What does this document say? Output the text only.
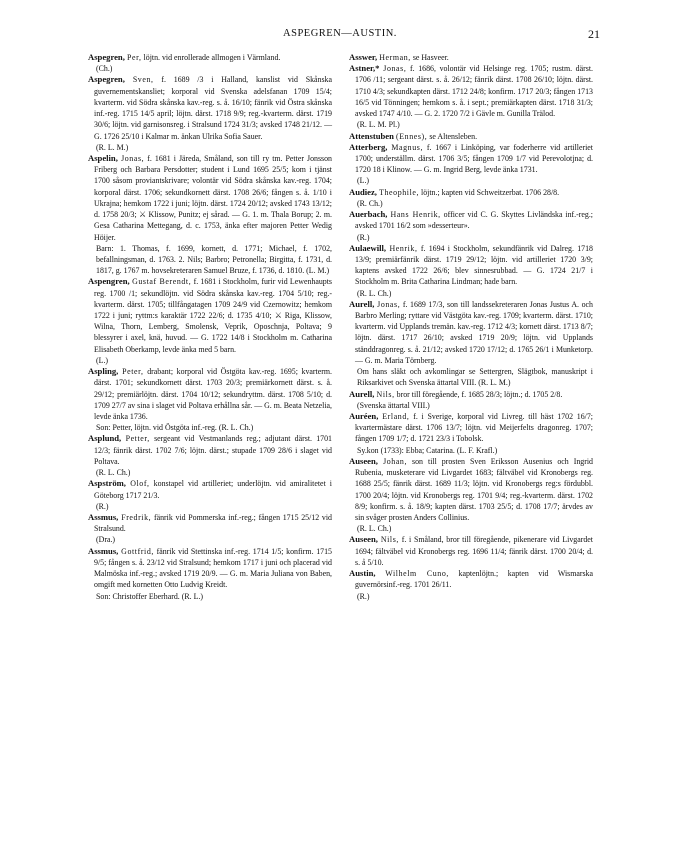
ASPEGREN—AUSTIN.	21

Aspegren, Per, löjtn. vid enrollerade allmogen i Värmland.

(Ch.)

Aspegren, Sven, f. 1689 /3 i Halland, kanslist vid Skånska guvernementskansliet; korporal vid Svenska adelsfanan 1709 15/4; kvarterm. vid Södra skånska kav.-reg. s. å. 16/10; fänrik vid Östra skånska inf.-reg. 1715 14/5 april; löjtn. därst. 1718 9/9; reg.-kvarterm. därst. 1719 30/6; löjtn. vid garnisonsreg. i Stralsund 1724 31/3; avsked 1748 21/12. — G. 1726 25/10 i Kalmar m. änkan Ulrika Sofia Sauer.

(R. L. M.)

Aspelin, Jonas, f. 1681 i Järeda, Småland, son till ry tm. Petter Jonsson Friberg och Barbara Persdotter; student i Lund 1695 25/5; kom i tjänst 1700 såsom proviantskrivare; volontär vid Södra skånska kav.-reg. 1704; korporal därst. 1706; sekundkornett därst. 1708 26/6; fången s. å. 1/10 i Ukrajna; hemkom 1722 i juni; löjtn. därst. 1724 20/12; avsked 1743 13/12; d. 1758 20/3; ⚔ Klissow, Punitz; ej sårad. — G. 1. m. Thala Borup; 2. m. Gesa Catharina Mettegang, d. c. 1753, änka efter majoren Petter Wedig Höijer.

Barn: 1. Thomas, f. 1699, kornett, d. 1771; Michael, f. 1702, befallningsman, d. 1763. 2. Nils; Barbro; Petronella; Birgitta, f. 1731, d. 1817, g. 1767 m. hovsekreteraren Samuel Bruze, f. 1736, d. 1810. (L. M.)

Aspengren, Gustaf Berendt, f. 1681 i Stockholm, furir vid Lewenhaupts reg. 1700 /1; sekundlöjtn. vid Södra skånska kav.-reg. 1704 5/10; reg.-kvarterm. därst. 1705; tillfångatagen 1709 24/9 vid Czernowitz; hemkom 1722 i juni; ryttm:s karaktär 1722 22/6; d. 1735 4/10; ⚔ Riga, Klissow, Wilna, Thorn, Lemberg, Smolensk, Veprik, Oposchnja, Poltava; 9 blessyrer i axel, knä, huvud. — G. 1722 14/8 i Stockholm m. Catharina Elisabeth Oberkamp, levde änka med 5 barn.

(L.)

Aspling, Peter, drabant; korporal vid Östgöta kav.-reg. 1695; kvarterm. därst. 1701; sekundkornett därst. 1703 20/3; premiärkornett därst. s. å. 29/12; premiärlöjtn. därst. 1704 10/12; sekundryttm. därst. 1708 5/10; d. 1709 27/7 av sina i slaget vid Poltava erhållna sår. — G. m. Beata Netzelia, levde änka 1736.

Son: Petter, löjtn. vid Östgöta inf.-reg. (R. L. Ch.)

Asplund, Petter, sergeant vid Vestmanlands reg.; adjutant därst. 1701 12/3; fänrik därst. 1702 7/6; löjtn. därst.; stupade 1709 28/6 i slaget vid Poltava.

(R. L. Ch.)

Aspström, Olof, konstapel vid artilleriet; underlöjtn. vid amiralitetet i Göteborg 1717 21/3.

(R.)

Assmus, Fredrik, fänrik vid Pommerska inf.-reg.; fången 1715 25/12 vid Stralsund.

(Dra.)

Assmus, Gottfrid, fänrik vid Stettinska inf.-reg. 1714 1/5; konfirm. 1715 9/5; fången s. å. 23/12 vid Stralsund; hemkom 1717 i juni och placerad vid Malmöska inf.-reg.; avsked 1719 20/9. — G. m. Maria Juliana von Baben, omgift med kornetten Otto Ludvig Kreidt.

Son: Christoffer Eberhard. (R. L.)

Asswer, Herman, se Hasveer.

Astner,* Jonas, f. 1686, volontär vid Helsinge reg. 1705; rustm. därst. 1706 /11; sergeant därst. s. å. 26/12; fänrik därst. 1708 26/10; löjtn. därst. 1710 4/3; sekundkapten därst. 1712 24/8; konfirm. 1717 20/3; fången 1713 16/5 vid Tönningen; hemkom s. å. i sept.; premiärkapten därst. 1718 31/3; avsked 1747 4/10. — G. 2. 1720 7/2 i Gävle m. Gunilla Trälod.

(R. L. M. Pl.)

Attenstuben (Ennes), se Altensleben.

Atterberg, Magnus, f. 1667 i Linköping, var foderherre vid artilleriet 1700; underställm. därst. 1706 3/5; fången 1709 1/7 vid Perevolotjna; d. 1720 18 i Klinow. — G. m. Ingrid Berg, levde änka 1731.

(L.)

Audiez, Theophile, löjtn.; kapten vid Schweitzerbat. 1706 28/8.

(R. Ch.)

Auerbach, Hans Henrik, officer vid C. G. Skyttes Livländska inf.-reg.; avsked 1701 16/2 som »desserteur».

(R.)

Aulaewill, Henrik, f. 1694 i Stockholm, sekundfänrik vid Dalreg. 1718 13/9; premiärfänrik därst. 1719 29/12; löjtn. vid artilleriet 1720 3/9; kaptens avsked 1722 26/6; blev sinnesrubbad. — G. 1724 21/7 i Stockholm m. Brita Catharina Lindman; hade barn.

(R. L. Ch.)

Aurell, Jonas, f. 1689 17/3, son till landssekreteraren Jonas Justus A. och Barbro Merling; ryttare vid Västgöta kav.-reg. 1709; kvarterm. därst. 1710; kvarterm. vid Upplands tremän. kav.-reg. 1712 4/3; kornett därst. 1713 8/7; löjtn. därst. 1717 26/10; avsked 1719 20/9; löjtn. vid Upplands ständdragonreg. s. å. 21/12; avsked 1720 17/12; d. 1765 26/1 i Munketorp. — G. m. Maria Törnberg.

Om hans släkt och avkomlingar se Settergren, Slägtbok, manuskript i Riksarkivet och Svenska ättartal VIII. (R. L. M.)

Aurell, Nils, bror till föregående, f. 1685 28/3; löjtn.; d. 1705 2/8.

(Svenska ättartal VIII.)

Auréen, Erland, f. i Sverige, korporal vid Livreg. till häst 1702 16/7; kvartermästare därst. 1706 13/7; löjtn. vid Meijerfelts dragonreg. 1707; fången 1709 1/7; d. 1721 23/3 i Tobolsk.

Sy.kon (1733): Ebba; Catarina. (L. F. Krafl.)

Auseen, Johan, son till prosten Sven Eriksson Ausenius och Ingrid Rubenia, musketerare vid Livgardet 1683; fältväbel vid Kronobergs reg. 1688 25/5; fänrik därst. 1689 11/3; löjtn. vid Kronobergs reg:s fördubbl. 1700 20/4; löjtn. vid Kronobergs reg. 1701 9/4; reg.-kvarterm. därst. 1702 8/9; konfirm. s. å. 18/9; kapten därst. 1703 25/5; d. 1708 17/7; ärvdes av sin svåger prosten Anders Collinius.

(R. L. Ch.)

Auseen, Nils, f. i Småland, bror till föregående, pikenerare vid Livgardet 1694; fältväbel vid Kronobergs reg. 1696 11/4; fänrik därst. 1700 20/4; d. s. å 5/10.

Austin, Wilhelm Cuno, kaptenlöjtn.; kapten vid Wismarska guvernörsinf.-reg. 1701 26/11.

(R.)
